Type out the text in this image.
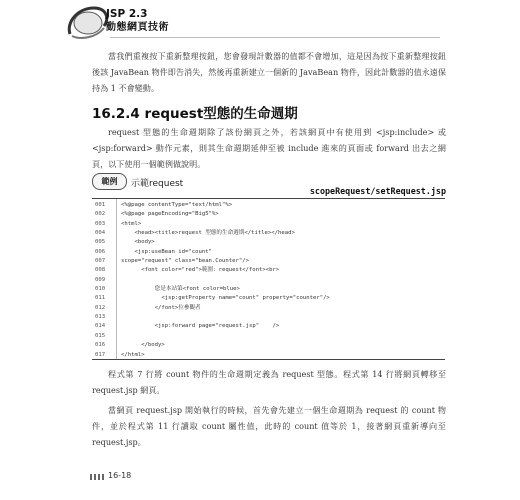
JSP 2.3
動態網頁技術

當我們重複按下重新整理按鈕，您會發現計數器的值都不會增加，這是因為按下重新整理按鈕後該 JavaBean 物件即告消失，然後再重新建立一個新的 JavaBean 物件，因此計數器的值永遠保持為 1 不會變動。

16.2.4 request型態的生命週期

request 型態的生命週期除了該份網頁之外，若該網頁中有使用到 <jsp:include> 或 <jsp:forward> 動作元素，則其生命週期延伸至被 include 進來的頁面或 forward 出去之網頁，以下使用一個範例做說明。

範例	示範request
scopeRequest/setRequest.jsp
001	<%@page contentType="text/html"%>
002	<%@page pageEncoding="Big5"%>
003	<html>
004	<head><title>request 型態的生命週期</title></head>
005	<body>
006	<jsp:useBean id="count"
007	scope="request" class="bean.Counter"/>
008	<font color="red">範圍：request</font><br>
009
010	您是本站第<font color=blue>
011	<jsp:getProperty name="count" property="counter"/>
012	</font>位參觀者
013
014	<jsp:forward page="request.jsp"    />
015
016	</body>
017	</html>

程式第 7 行將 count 物件的生命週期定義為 request 型態。程式第 14 行將網頁轉移至 request.jsp 網頁。

當網頁 request.jsp 開始執行的時候，首先會先建立一個生命週期為 request 的 count 物件，並於程式第 11 行讀取 count 屬性值，此時的 count 值等於 1，接著網頁重新導向至 request.jsp。

16-18
